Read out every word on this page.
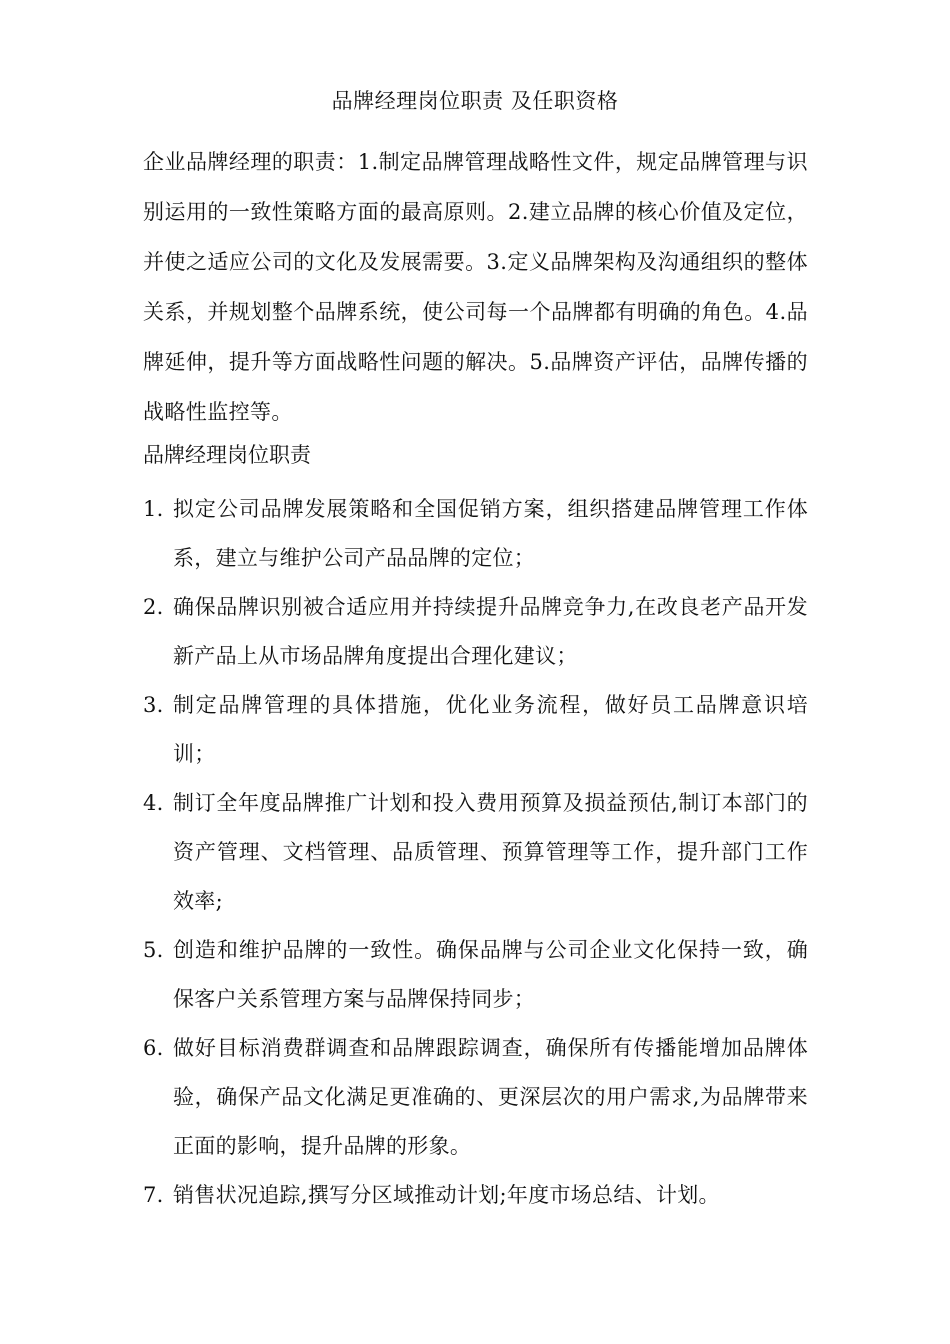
品牌经理岗位职责 及任职资格
企业品牌经理的职责：1.制定品牌管理战略性文件，规定品牌管理与识别运用的一致性策略方面的最高原则。2.建立品牌的核心价值及定位，并使之适应公司的文化及发展需要。3.定义品牌架构及沟通组织的整体关系，并规划整个品牌系统，使公司每一个品牌都有明确的角色。4.品牌延伸，提升等方面战略性问题的解决。5.品牌资产评估，品牌传播的战略性监控等。
品牌经理岗位职责
1. 拟定公司品牌发展策略和全国促销方案，组织搭建品牌管理工作体系，建立与维护公司产品品牌的定位；
2. 确保品牌识别被合适应用并持续提升品牌竞争力,在改良老产品开发新产品上从市场品牌角度提出合理化建议；
3. 制定品牌管理的具体措施，优化业务流程，做好员工品牌意识培训；
4. 制订全年度品牌推广计划和投入费用预算及损益预估,制订本部门的资产管理、文档管理、品质管理、预算管理等工作，提升部门工作效率;
5. 创造和维护品牌的一致性。确保品牌与公司企业文化保持一致，确保客户关系管理方案与品牌保持同步；
6. 做好目标消费群调查和品牌跟踪调查，确保所有传播能增加品牌体验，确保产品文化满足更准确的、更深层次的用户需求,为品牌带来正面的影响，提升品牌的形象。
7. 销售状况追踪,撰写分区域推动计划;年度市场总结、计划。
